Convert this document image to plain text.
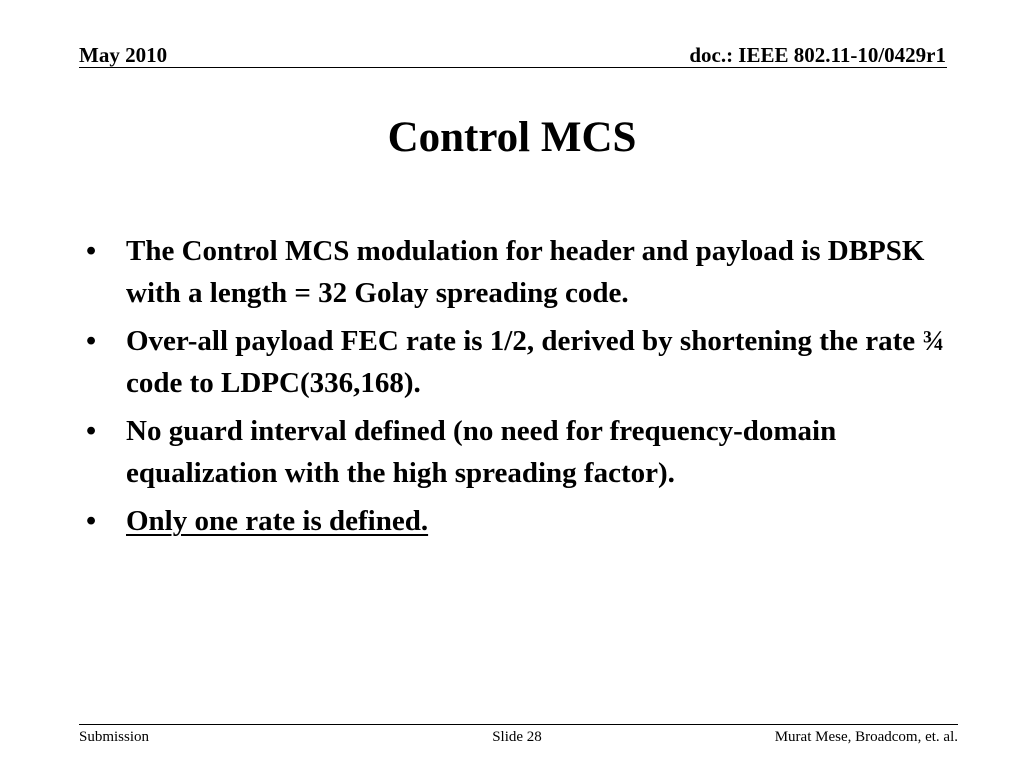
May 2010	doc.: IEEE 802.11-10/0429r1
Control MCS
•	The Control MCS modulation for header and payload is DBPSK with a length = 32 Golay spreading code.
•	Over-all payload FEC rate is 1/2, derived by shortening the rate ¾ code to LDPC(336,168).
•	No guard interval defined (no need for frequency-domain equalization with the high spreading factor).
•	Only one rate is defined.
Submission	Slide 28	Murat Mese, Broadcom, et. al.
